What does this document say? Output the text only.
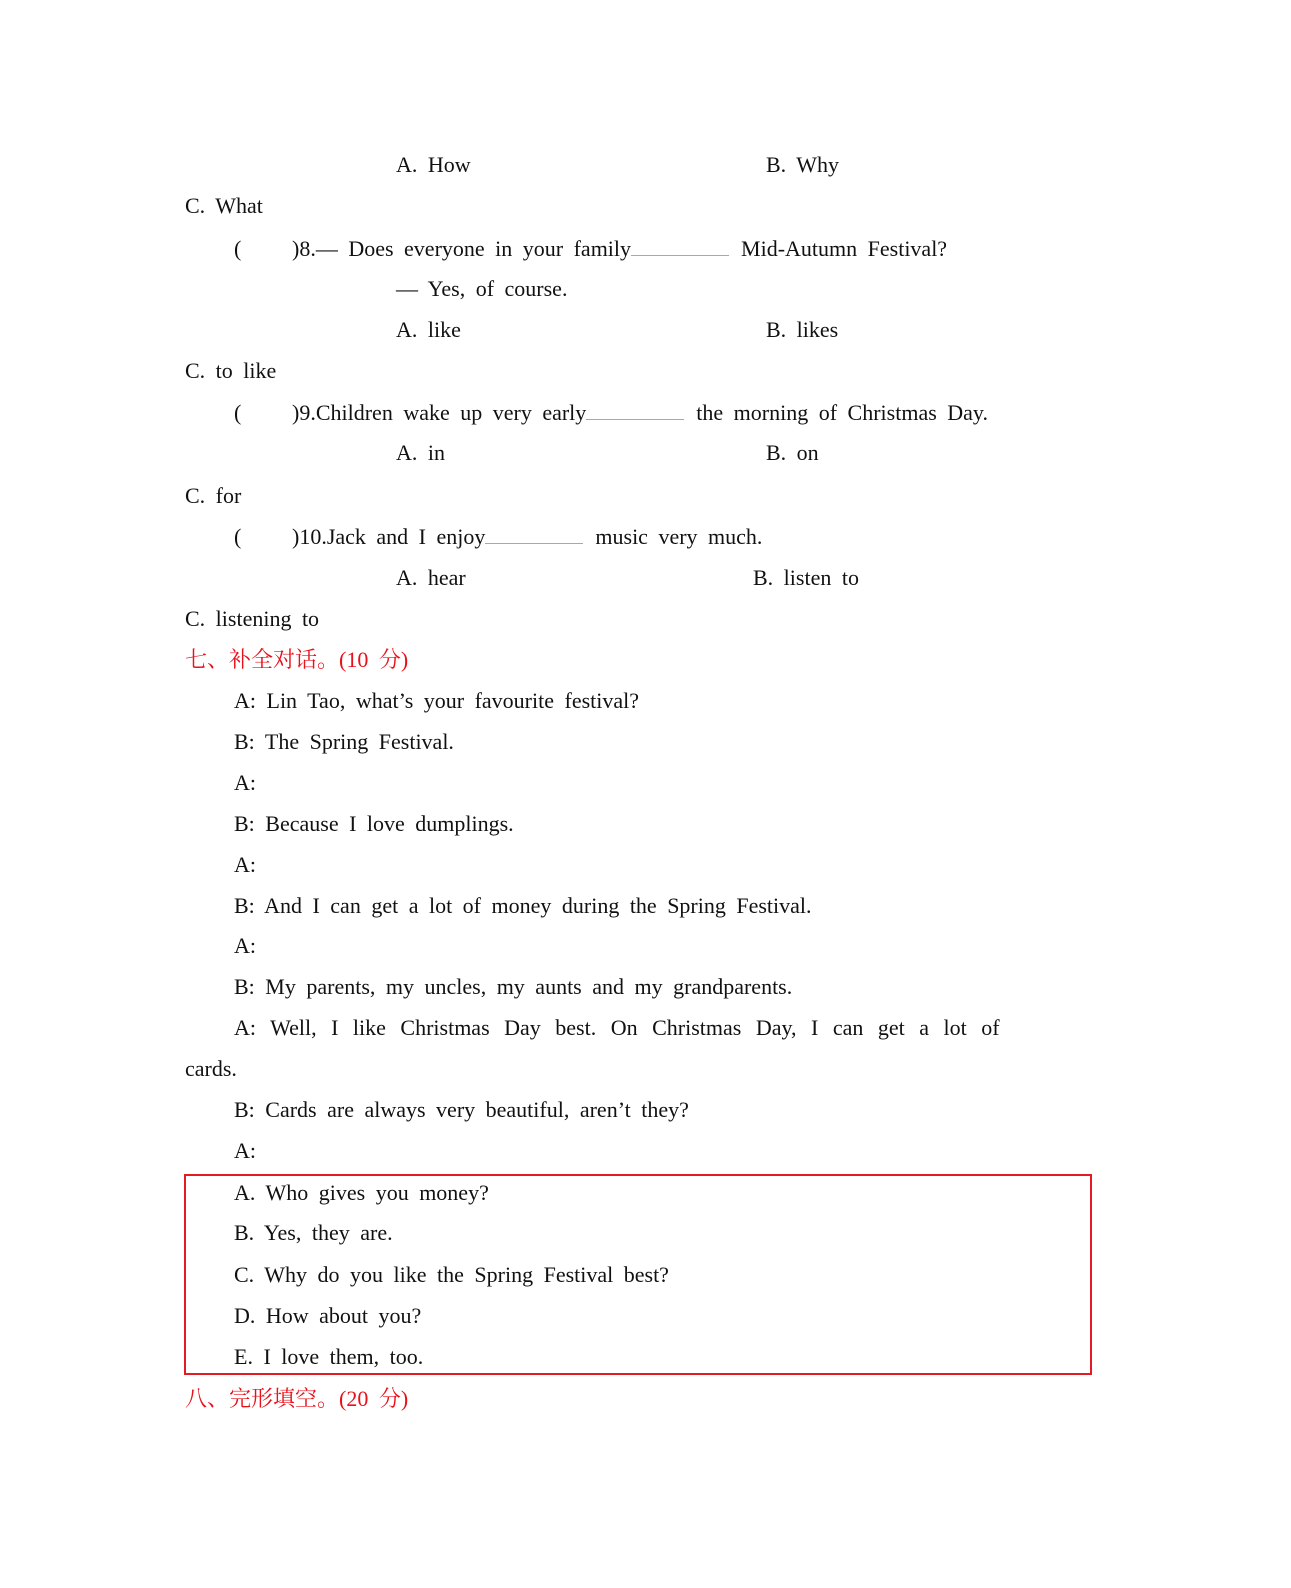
A. How	B. Why
C. What
( )8.— Does everyone in your family	Mid-Autumn Festival?
— Yes, of course.
A. like	B. likes
C. to like
( )9.Children wake up very early	the morning of Christmas Day.
A. in	B. on
C. for
( )10.Jack and I enjoy	music very much.
A. hear	B. listen to
C. listening to
七、补全对话。(10 分)
A: Lin Tao, what’s your favourite festival?
B: The Spring Festival.
A:
B: Because I love dumplings.
A:
B: And I can get a lot of money during the Spring Festival.
A:
B: My parents, my uncles, my aunts and my grandparents.
A: Well, I like Christmas Day best. On Christmas Day, I can get a lot of
cards.
B: Cards are always very beautiful, aren’t they?
A:
A. Who gives you money?
B. Yes, they are.
C. Why do you like the Spring Festival best?
D. How about you?
E. I love them, too.
八、完形填空。(20 分)
